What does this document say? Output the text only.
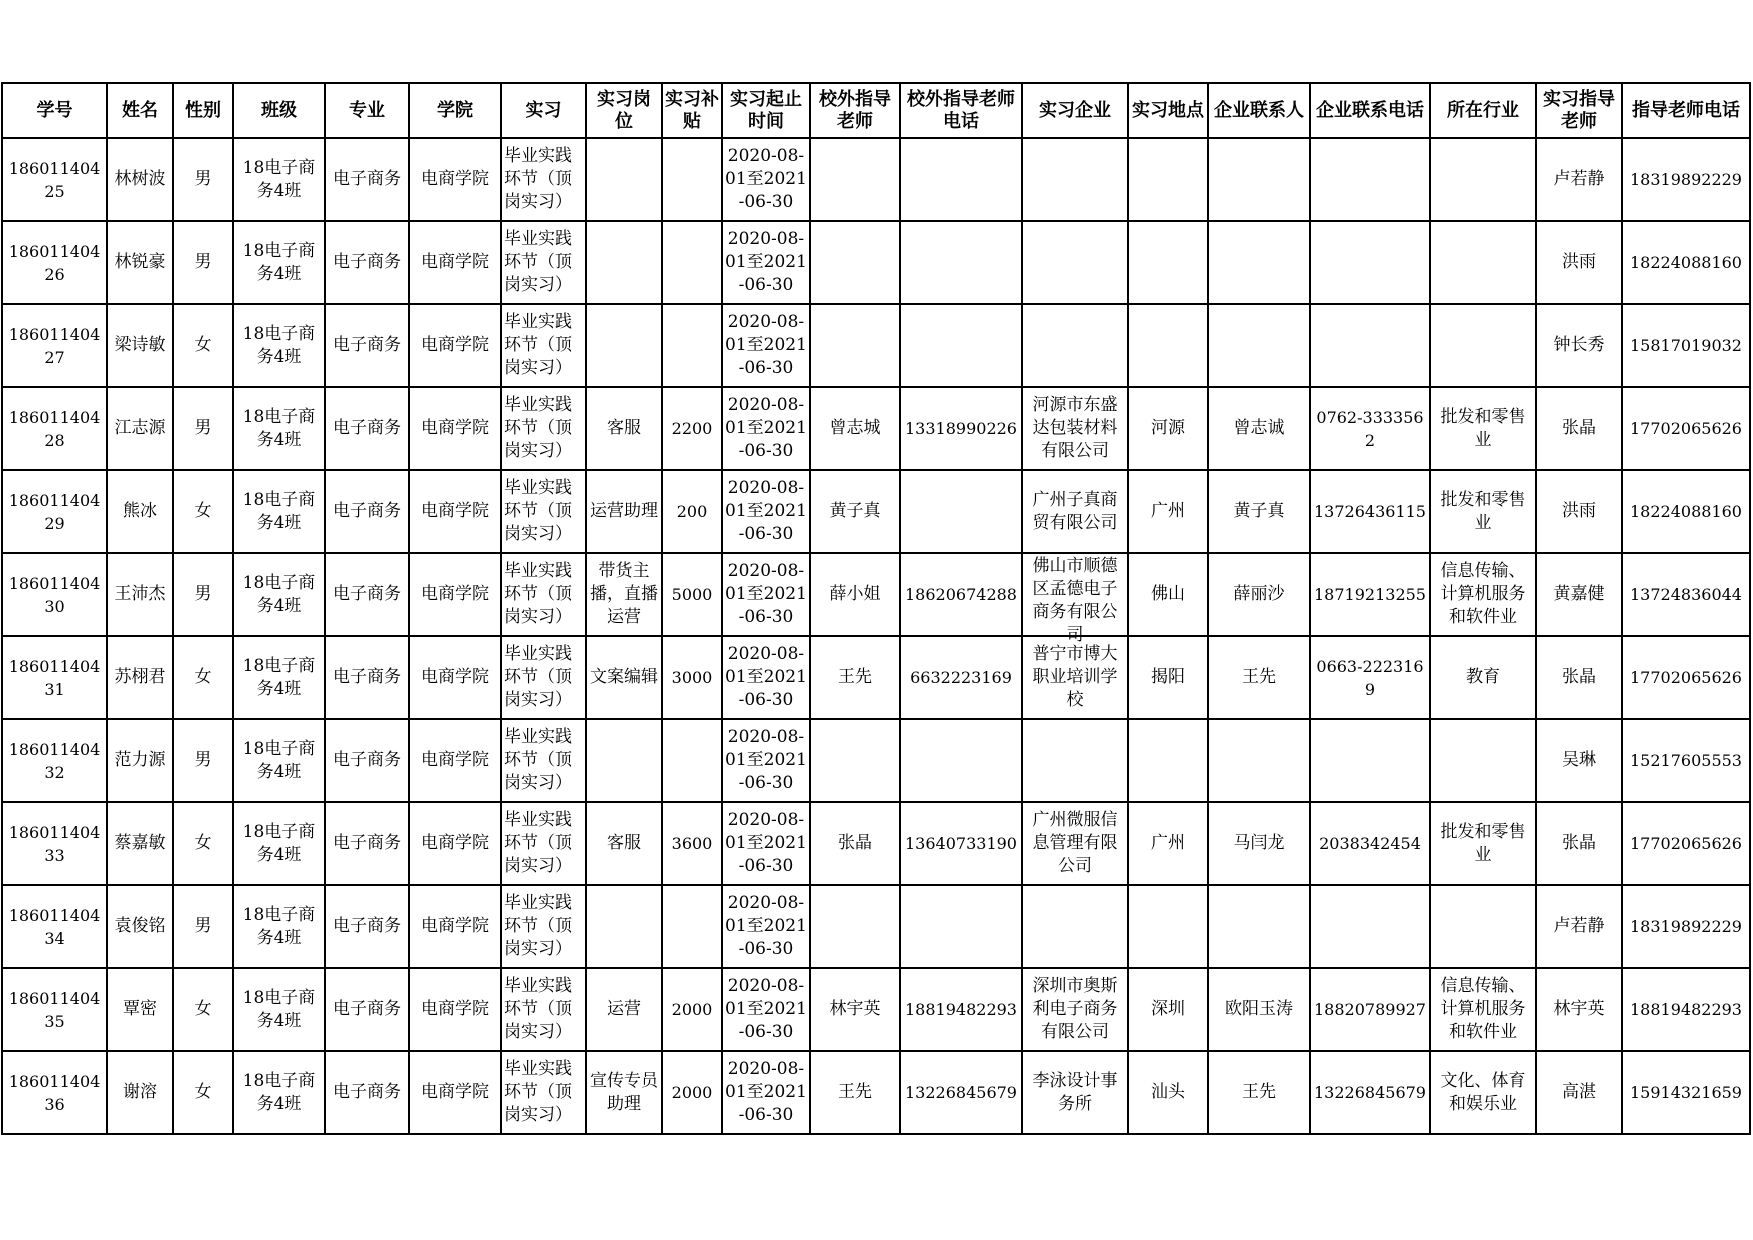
学号	姓名	性别	班级	专业	学院	实习	实习岗位	实习补贴	实习起止时间	校外指导老师	校外指导老师电话	实习企业	实习地点	企业联系人	企业联系电话	所在行业	实习指导老师	指导老师电话

18601140425	林树波	男	18电子商务4班	电子商务	电商学院	毕业实践环节（顶岗实习）			2020-08-01至2021-06-30								卢若静	18319892229

18601140426	林锐豪	男	18电子商务4班	电子商务	电商学院	毕业实践环节（顶岗实习）			2020-08-01至2021-06-30								洪雨	18224088160

18601140427	梁诗敏	女	18电子商务4班	电子商务	电商学院	毕业实践环节（顶岗实习）			2020-08-01至2021-06-30								钟长秀	15817019032

18601140428	江志源	男	18电子商务4班	电子商务	电商学院	毕业实践环节（顶岗实习）	客服	2200	2020-08-01至2021-06-30	曾志城	13318990226	河源市东盛达包装材料有限公司	河源	曾志诚	0762-3333562	批发和零售业	张晶	17702065626

18601140429	熊冰	女	18电子商务4班	电子商务	电商学院	毕业实践环节（顶岗实习）	运营助理	200	2020-08-01至2021-06-30	黄子真		广州子真商贸有限公司	广州	黄子真	13726436115	批发和零售业	洪雨	18224088160

18601140430	王沛杰	男	18电子商务4班	电子商务	电商学院	毕业实践环节（顶岗实习）	带货主播，直播运营	5000	2020-08-01至2021-06-30	薛小姐	18620674288	佛山市顺德区孟德电子商务有限公司	佛山	薛丽沙	18719213255	信息传输、计算机服务和软件业	黄嘉健	13724836044

18601140431	苏栩君	女	18电子商务4班	电子商务	电商学院	毕业实践环节（顶岗实习）	文案编辑	3000	2020-08-01至2021-06-30	王先	6632223169	普宁市博大职业培训学校	揭阳	王先	0663-2223169	教育	张晶	17702065626

18601140432	范力源	男	18电子商务4班	电子商务	电商学院	毕业实践环节（顶岗实习）			2020-08-01至2021-06-30								吴琳	15217605553

18601140433	蔡嘉敏	女	18电子商务4班	电子商务	电商学院	毕业实践环节（顶岗实习）	客服	3600	2020-08-01至2021-06-30	张晶	13640733190	广州微服信息管理有限公司	广州	马闫龙	2038342454	批发和零售业	张晶	17702065626

18601140434	袁俊铭	男	18电子商务4班	电子商务	电商学院	毕业实践环节（顶岗实习）			2020-08-01至2021-06-30								卢若静	18319892229

18601140435	覃密	女	18电子商务4班	电子商务	电商学院	毕业实践环节（顶岗实习）	运营	2000	2020-08-01至2021-06-30	林宇英	18819482293	深圳市奥斯利电子商务有限公司	深圳	欧阳玉涛	18820789927	信息传输、计算机服务和软件业	林宇英	18819482293

18601140436	谢溶	女	18电子商务4班	电子商务	电商学院	毕业实践环节（顶岗实习）	宣传专员助理	2000	2020-08-01至2021-06-30	王先	13226845679	李泳设计事务所	汕头	王先	13226845679	文化、体育和娱乐业	高湛	15914321659
